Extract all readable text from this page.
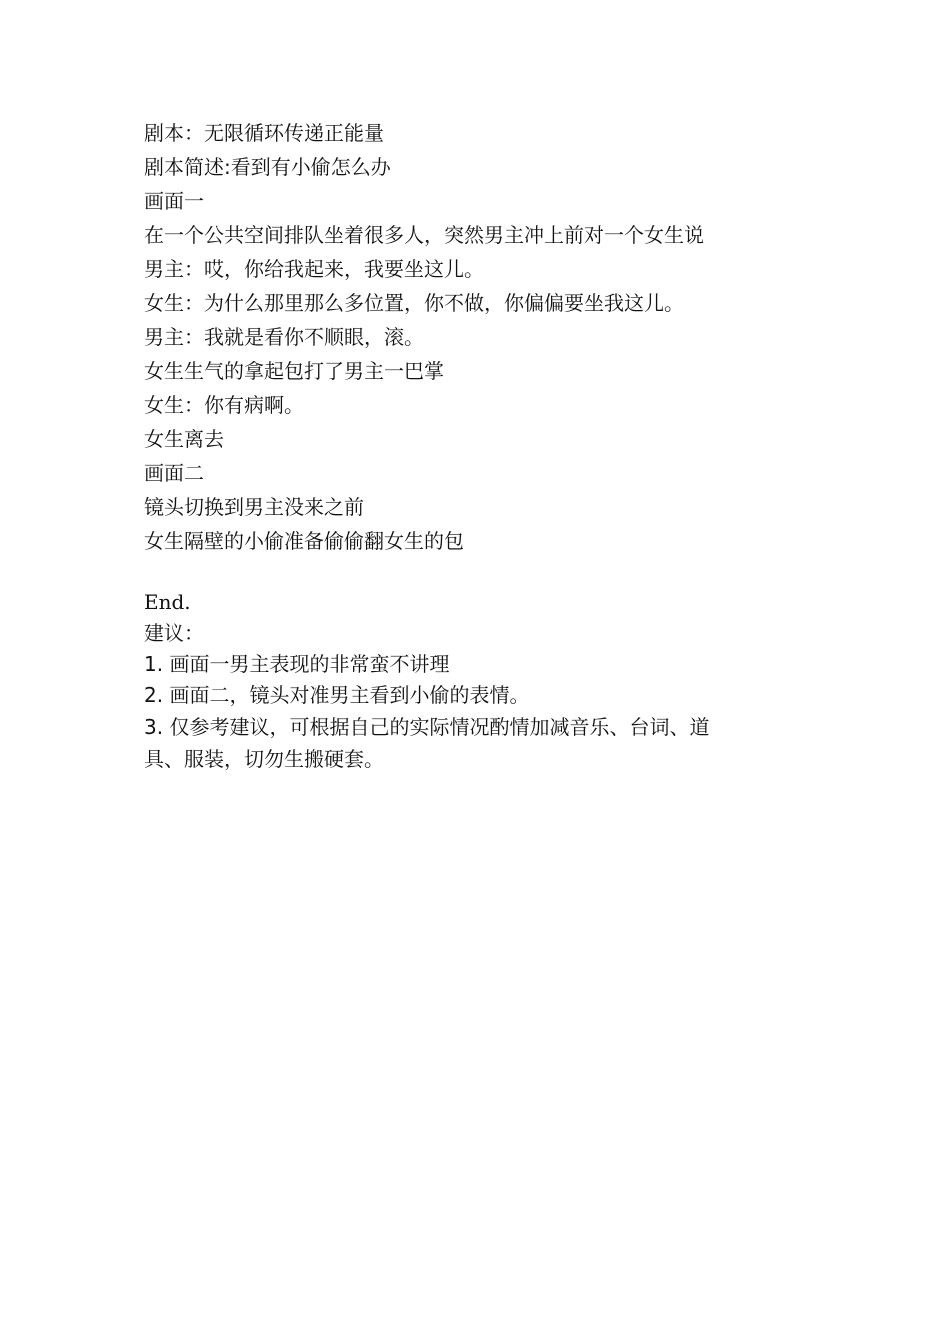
剧本：无限循环传递正能量
剧本简述:看到有小偷怎么办
画面一
在一个公共空间排队坐着很多人，突然男主冲上前对一个女生说
男主：哎，你给我起来，我要坐这儿。
女生：为什么那里那么多位置，你不做，你偏偏要坐我这儿。
男主：我就是看你不顺眼，滚。
女生生气的拿起包打了男主一巴掌
女生：你有病啊。
女生离去
画面二
镜头切换到男主没来之前
女生隔壁的小偷准备偷偷翻女生的包
End.
建议：
1. 画面一男主表现的非常蛮不讲理
2. 画面二，镜头对准男主看到小偷的表情。
3. 仅参考建议，可根据自己的实际情况酌情加减音乐、台词、道具、服装，切勿生搬硬套。
